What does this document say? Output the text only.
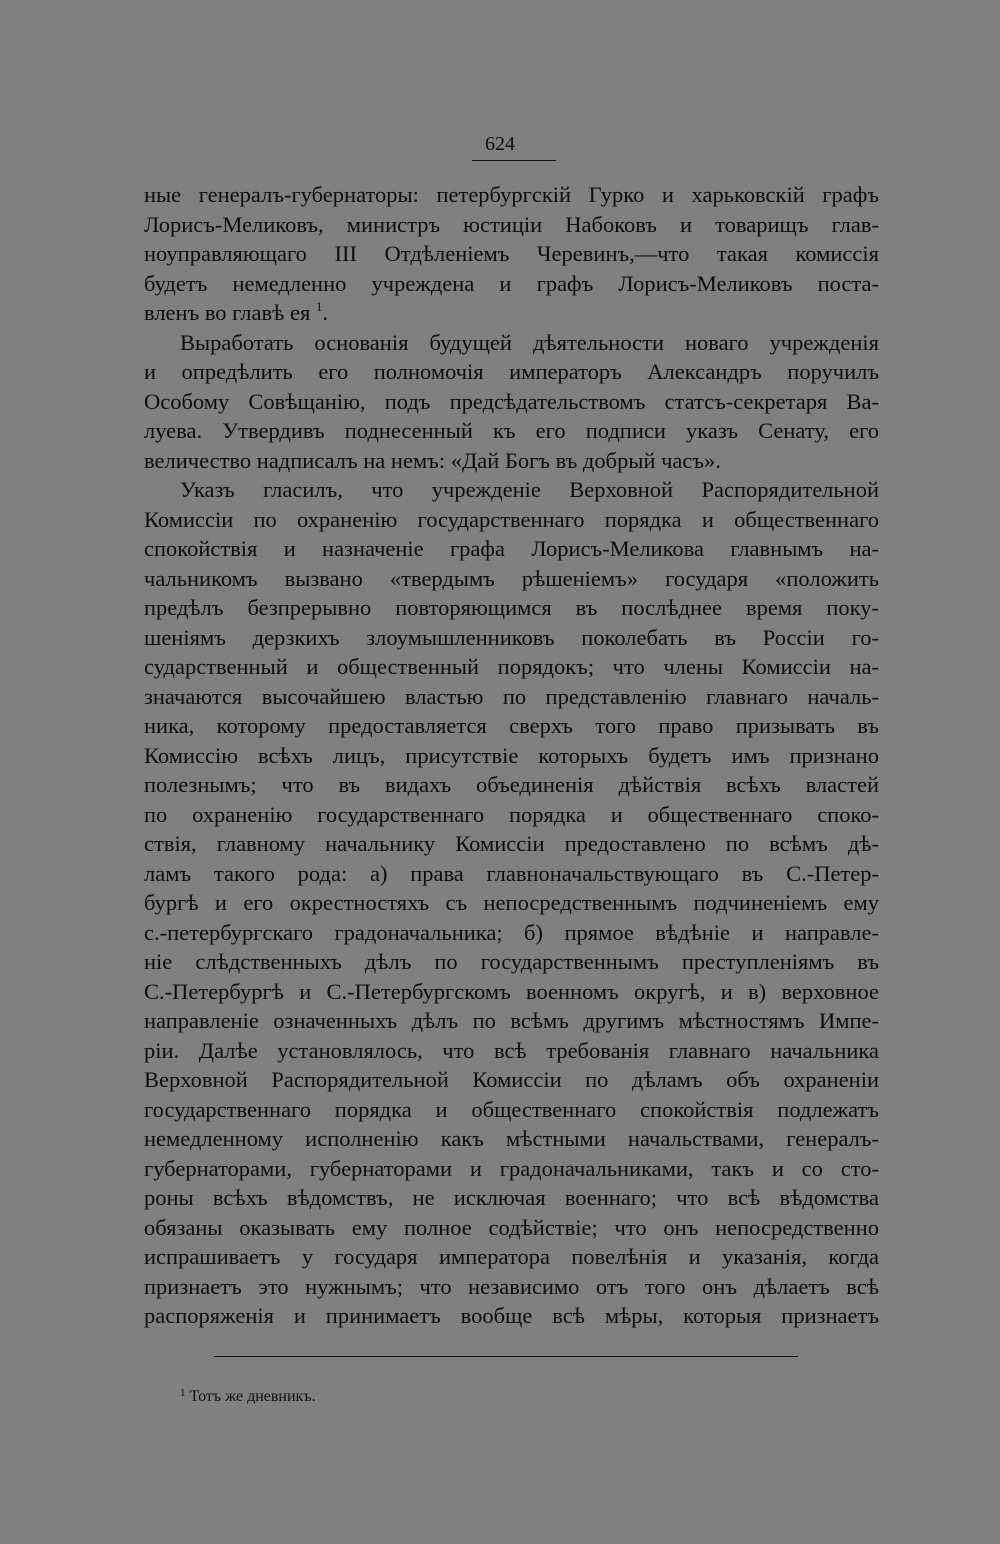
624
ные генералъ-губернаторы: петербургскій Гурко и харьковскій графъ
Лорисъ-Меликовъ, министръ юстиціи Набоковъ и товарищъ глав-
ноуправляющаго III Отдѣленіемъ Черевинъ,—что такая комиссія
будетъ немедленно учреждена и графъ Лорисъ-Меликовъ поста-
вленъ во главѣ ея $^1$.
Выработать основанія будущей дѣятельности новаго учрежденія
и опредѣлить его полномочія императоръ Александръ поручилъ
Особому Совѣщанію, подъ предсѣдательствомъ статсъ-секретаря Ва-
луева. Утвердивъ поднесенный къ его подписи указъ Сенату, его
величество надписалъ на немъ: «Дай Богъ въ добрый часъ».
Указъ гласилъ, что учрежденіе Верховной Распорядительной
Комиссіи по охраненію государственнаго порядка и общественнаго
спокойствія и назначеніе графа Лорисъ-Меликова главнымъ на-
чальникомъ вызвано «твердымъ рѣшеніемъ» государя «положить
предѣлъ безпрерывно повторяющимся въ послѣднее время поку-
шеніямъ дерзкихъ злоумышленниковъ поколебать въ Россіи го-
сударственный и общественный порядокъ; что члены Комиссіи на-
значаются высочайшею властью по представленію главнаго началь-
ника, которому предоставляется сверхъ того право призывать въ
Комиссію всѣхъ лицъ, присутствіе которыхъ будетъ имъ признано
полезнымъ; что въ видахъ объединенія дѣйствія всѣхъ властей
по охраненію государственнаго порядка и общественнаго споко-
ствія, главному начальнику Комиссіи предоставлено по всѣмъ дѣ-
ламъ такого рода: а) права главноначальствующаго въ С.-Петер-
бургѣ и его окрестностяхъ съ непосредственнымъ подчиненіемъ ему
с.-петербургскаго градоначальника; б) прямое вѣдѣніе и направле-
ніе слѣдственныхъ дѣлъ по государственнымъ преступленіямъ въ
С.-Петербургѣ и С.-Петербургскомъ военномъ округѣ, и в) верховное
направленіе означенныхъ дѣлъ по всѣмъ другимъ мѣстностямъ Импе-
ріи. Далѣе установлялось, что всѣ требованія главнаго начальника
Верховной Распорядительной Комиссіи по дѣламъ объ охраненіи
государственнаго порядка и общественнаго спокойствія подлежатъ
немедленному исполненію какъ мѣстными начальствами, генералъ-
губернаторами, губернаторами и градоначальниками, такъ и со сто-
роны всѣхъ вѣдомствъ, не исключая военнаго; что всѣ вѣдомства
обязаны оказывать ему полное содѣйствіе; что онъ непосредственно
испрашиваетъ у государя императора повелѣнія и указанія, когда
признаетъ это нужнымъ; что независимо отъ того онъ дѣлаетъ всѣ
распоряженія и принимаетъ вообще всѣ мѣры, которыя признаетъ
$^1$ Тотъ же дневникъ.
